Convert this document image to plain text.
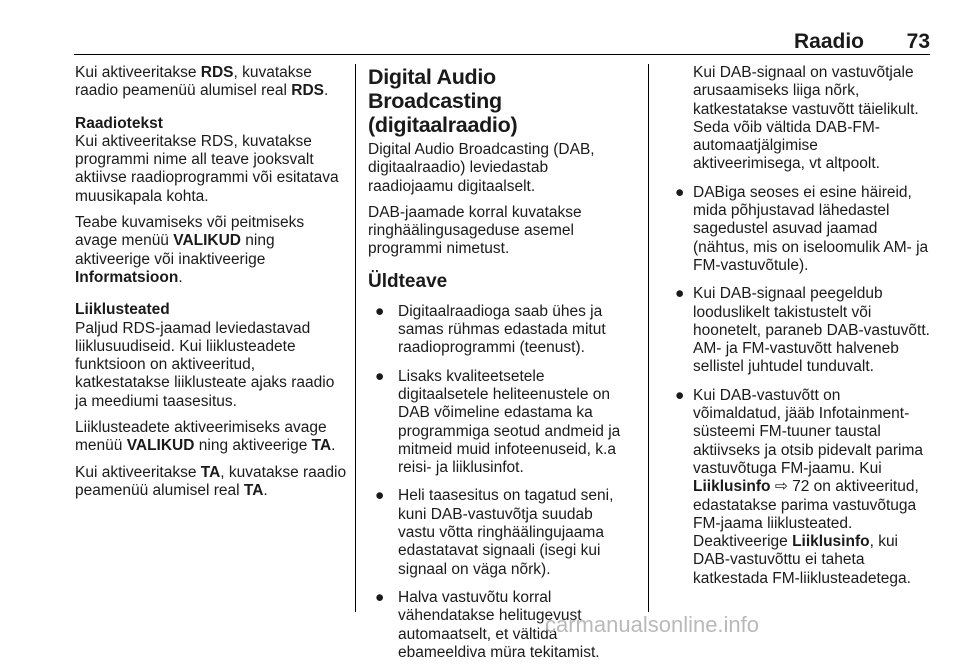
Raadio	73

Kui aktiveeritakse RDS, kuvatakse raadio peamenüü alumisel real RDS.

Raadiotekst

Kui aktiveeritakse RDS, kuvatakse programmi nime all teave jooksvalt aktiivse raadioprogrammi või esitatava muusikapala kohta.

Teabe kuvamiseks või peitmiseks avage menüü VALIKUD ning aktiveerige või inaktiveerige Informatsioon.

Liiklusteated

Paljud RDS-jaamad leviedastavad liiklusuudiseid. Kui liiklusteadete funktsioon on aktiveeritud, katkestatakse liiklusteate ajaks raadio ja meediumi taasesitus.

Liiklusteadete aktiveerimiseks avage menüü VALIKUD ning aktiveerige TA.

Kui aktiveeritakse TA, kuvatakse raadio peamenüü alumisel real TA.

Digital Audio Broadcasting (digitaalraadio)

Digital Audio Broadcasting (DAB, digitaalraadio) leviedastab raadiojaamu digitaalselt.

DAB-jaamade korral kuvatakse ringhäälingusageduse asemel programmi nimetust.

Üldteave
● Digitaalraadioga saab ühes ja samas rühmas edastada mitut raadioprogrammi (teenust).
● Lisaks kvaliteetsetele digitaalsetele heliteenustele on DAB võimeline edastama ka programmiga seotud andmeid ja mitmeid muid infoteenuseid, k.a reisi- ja liiklusinfot.
● Heli taasesitus on tagatud seni, kuni DAB-vastuvõtja suudab vastu võtta ringhäälingujaama edastatavat signaali (isegi kui signaal on väga nõrk).
● Halva vastuvõtu korral vähendatakse helitugevust automaatselt, et vältida ebameeldiva müra tekitamist.
Kui DAB-signaal on vastuvõtjale arusaamiseks liiga nõrk, katkestatakse vastuvõtt täielikult. Seda võib vältida DAB-FM-automaatjälgimise aktiveerimisega, vt altpoolt.
● DABiga seoses ei esine häireid, mida põhjustavad lähedastel sagedustel asuvad jaamad (nähtus, mis on iseloomulik AM- ja FM-vastuvõtule).
● Kui DAB-signaal peegeldub looduslikelt takistustelt või hoonetelt, paraneb DAB-vastuvõtt. AM- ja FM-vastuvõtt halveneb sellistel juhtudel tunduvalt.
● Kui DAB-vastuvõtt on võimaldatud, jääb Infotainment-süsteemi FM-tuuner taustal aktiivseks ja otsib pidevalt parima vastuvõtuga FM-jaamu. Kui Liiklusinfo ⇨ 72 on aktiveeritud, edastatakse parima vastuvõtuga FM-jaama liiklusteated. Deaktiveerige Liiklusinfo, kui DAB-vastuvõttu ei taheta katkestada FM-liiklusteadetega.
carmanualsonline.info
